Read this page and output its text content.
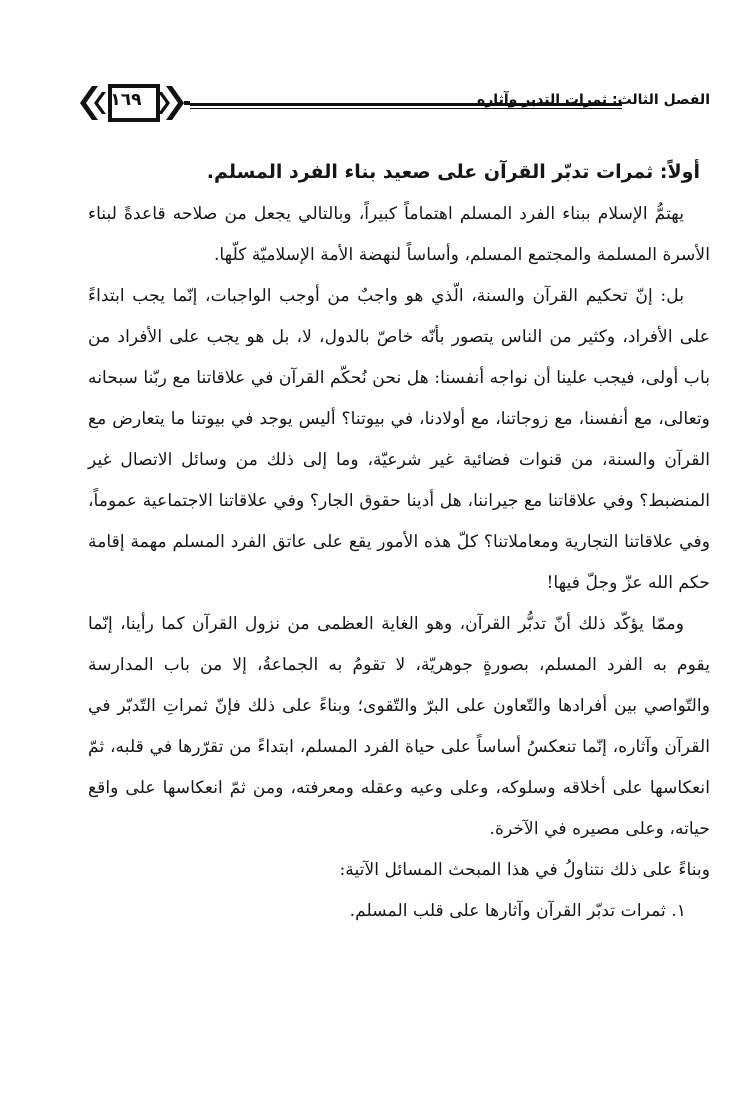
١٦٩	الفصل الثالث: ثمرات التدبر وآثاره

أولاً: ثمرات تدبّر القرآن على صعيد بناء الفرد المسلم.

يهتمُّ الإسلام ببناء الفرد المسلم اهتماماً كبيراً، وبالتالي يجعل من صلاحه قاعدةً لبناء الأسرة المسلمة والمجتمع المسلم، وأساساً لنهضة الأمة الإسلاميّة كلّها.

بل: إنّ تحكيم القرآن والسنة، الّذي هو واجبٌ من أوجب الواجبات، إنّما يجب ابتداءً على الأفراد، وكثير من الناس يتصور بأنّه خاصّ بالدول، لا، بل هو يجب على الأفراد من باب أولى، فيجب علينا أن نواجه أنفسنا: هل نحن نُحكّم القرآن في علاقاتنا مع ربّنا سبحانه وتعالى، مع أنفسنا، مع زوجاتنا، مع أولادنا، في بيوتنا؟ أليس يوجد في بيوتنا ما يتعارض مع القرآن والسنة، من قنوات فضائية غير شرعيّة، وما إلى ذلك من وسائل الاتصال غير المنضبط؟ وفي علاقاتنا مع جيراننا، هل أدينا حقوق الجار؟ وفي علاقاتنا الاجتماعية عموماً، وفي علاقاتنا التجارية ومعاملاتنا؟ كلّ هذه الأمور يقع على عاتق الفرد المسلم مهمة إقامة حكم الله عزّ وجلّ فيها!

وممّا يؤكّد ذلك أنّ تدبُّر القرآن، وهو الغاية العظمى من نزول القرآن كما رأينا، إنّما يقوم به الفرد المسلم، بصورةٍ جوهريّة، لا تقومُ به الجماعةُ، إلا من باب المدارسة والتّواصي بين أفرادها والتّعاون على البرّ والتّقوى؛ وبناءً على ذلك فإنّ ثمراتِ التّدبّر في القرآن وآثاره، إنّما تنعكسُ أساساً على حياة الفرد المسلم، ابتداءً من تقرّرها في قلبه، ثمّ انعكاسها على أخلاقه وسلوكه، وعلى وعيه وعقله ومعرفته، ومن ثمّ انعكاسها على واقع حياته، وعلى مصيره في الآخرة.

وبناءً على ذلك نتناولُ في هذا المبحث المسائل الآتية:

١. ثمرات تدبّر القرآن وآثارها على قلب المسلم.
